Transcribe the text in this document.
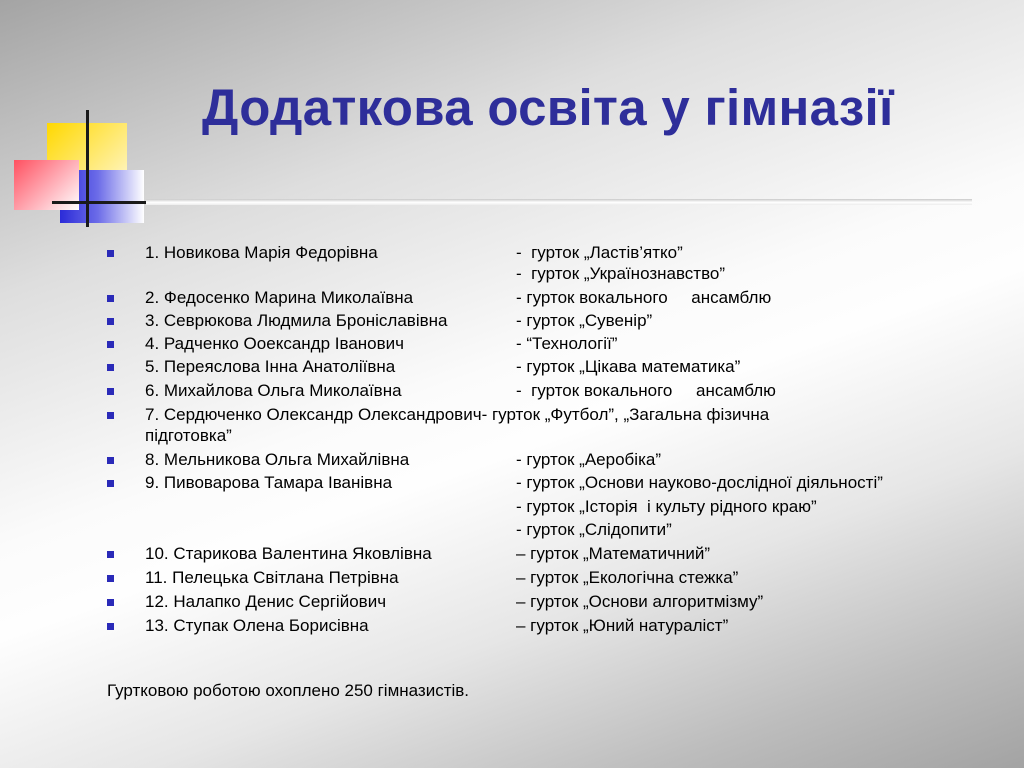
Додаткова освіта у гімназії
1. Новикова Марія Федорівна	-  гурток „Ластів’ятко”
-  гурток „Українознавство”
2. Федосенко Марина Миколаївна	- гурток вокального     ансамблю
3. Севрюкова Людмила Броніславівна	- гурток „Сувенір”
4. Радченко Ооександр Іванович	- “Технології”
5. Переяслова Інна Анатоліївна	- гурток „Цікава математика”
6. Михайлова Ольга Миколаївна	-  гурток вокального     ансамблю
7. Сердюченко Олександр Олександрович- гурток „Футбол”, „Загальна фізична
підготовка”
8. Мельникова Ольга Михайлівна	- гурток „Аеробіка”
9. Пивоварова Тамара Іванівна	- гурток „Основи науково-дослідної діяльності”
- гурток „Історія  і культу рідного краю”
- гурток „Слідопити”
10. Старикова Валентина Яковлівна	– гурток „Математичний”
11. Пелецька Світлана Петрівна	– гурток „Екологічна стежка”
12. Налапко Денис Сергійович	– гурток „Основи алгоритмізму”
13. Ступак Олена Борисівна	– гурток „Юний натураліст”

Гуртковою роботою охоплено 250 гімназистів.
